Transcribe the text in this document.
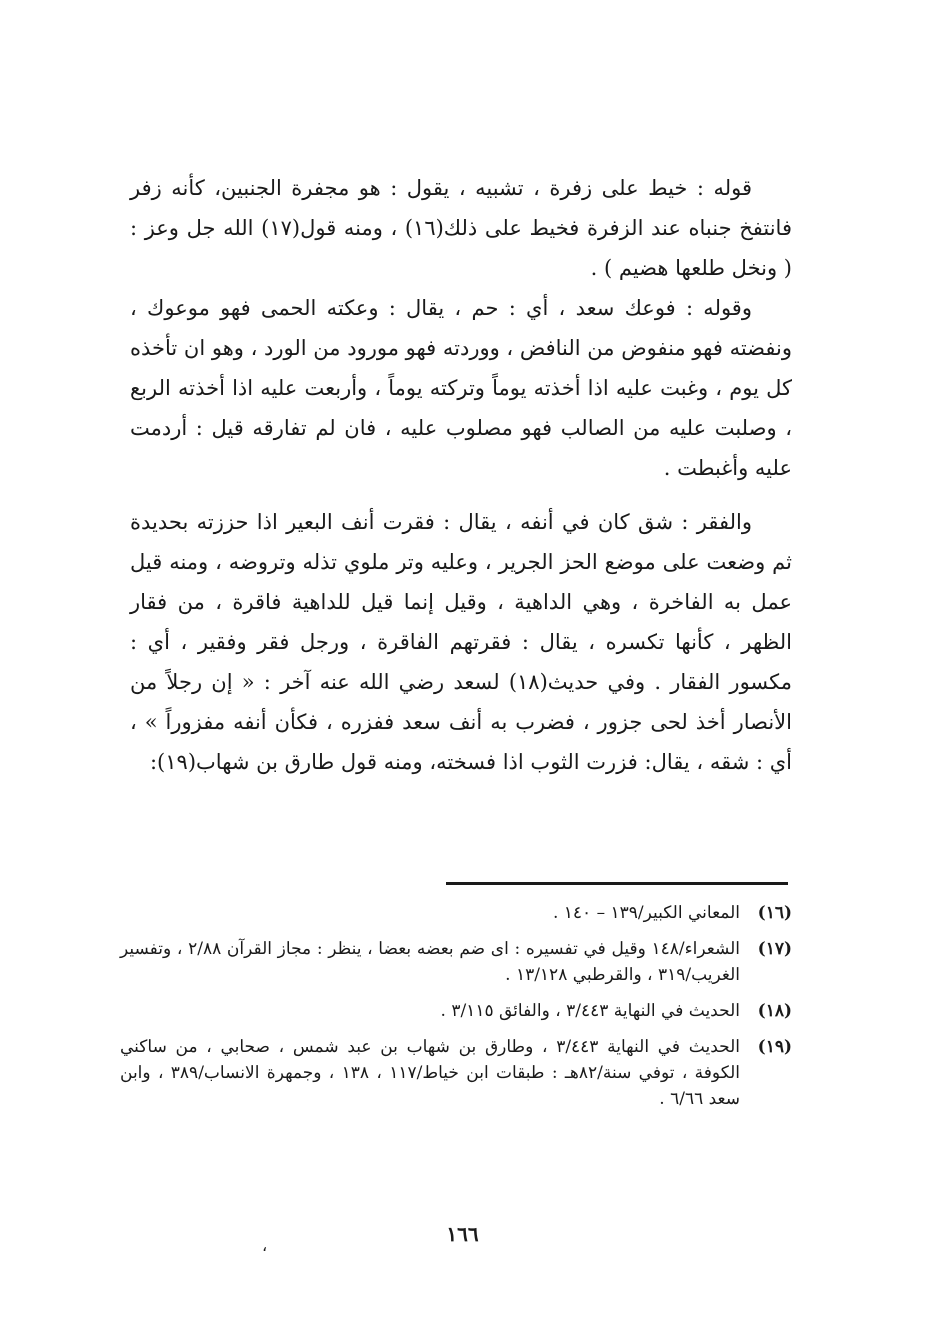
قوله : خيط على زفرة ، تشبيه ، يقول : هو مجفرة الجنبين، كأنه زفر فانتفخ جنباه عند الزفرة فخيط على ذلك(١٦) ، ومنه قول(١٧) الله جل وعز : ( ونخل طلعها هضيم ) .

وقوله : فوعك سعد ، أي : حم ، يقال : وعكته الحمى فهو موعوك ، ونفضته فهو منفوض من النافض ، ووردته فهو مورود من الورد ، وهو ان تأخذه كل يوم ، وغبت عليه اذا أخذته يوماً وتركته يوماً ، وأربعت عليه اذا أخذته الربع ، وصلبت عليه من الصالب فهو مصلوب عليه ، فان لم تفارقه قيل : أردمت عليه وأغبطت .

والفقر : شق كان في أنفه ، يقال : فقرت أنف البعير اذا حززته بحديدة ثم وضعت على موضع الحز الجرير ، وعليه وتر ملوي تذله وتروضه ، ومنه قيل عمل به الفاخرة ، وهي الداهية ، وقيل إنما قيل للداهية فاقرة ، من فقار الظهر ، كأنها تكسره ، يقال : فقرتهم الفاقرة ، ورجل فقر وفقير ، أي : مكسور الفقار . وفي حديث(١٨) لسعد رضي الله عنه آخر : « إن رجلاً من الأنصار أخذ لحى جزور ، فضرب به أنف سعد ففزره ، فكأن أنفه مفزوراً » ، أي : شقه ، يقال: فزرت الثوب اذا فسخته، ومنه قول طارق بن شهاب(١٩):

(١٦)
المعاني الكبير/١٣٩ – ١٤٠ .
(١٧)
الشعراء/١٤٨ وقيل في تفسيره : اى ضم بعضه بعضا ، ينظر : مجاز القرآن ٢/٨٨ ، وتفسير الغريب/٣١٩ ، والقرطبي ١٣/١٢٨ .
(١٨)
الحديث في النهاية ٣/٤٤٣ ، والفائق ٣/١١٥ .
(١٩)
الحديث في النهاية ٣/٤٤٣ ، وطارق بن شهاب بن عبد شمس ، صحابي ، من ساكني الكوفة ، توفي سنة/٨٢هـ : طبقات ابن خياط/١١٧ ، ١٣٨ ، وجمهرة الانساب/٣٨٩ ، وابن سعد ٦/٦٦ .
١٦٦
،
